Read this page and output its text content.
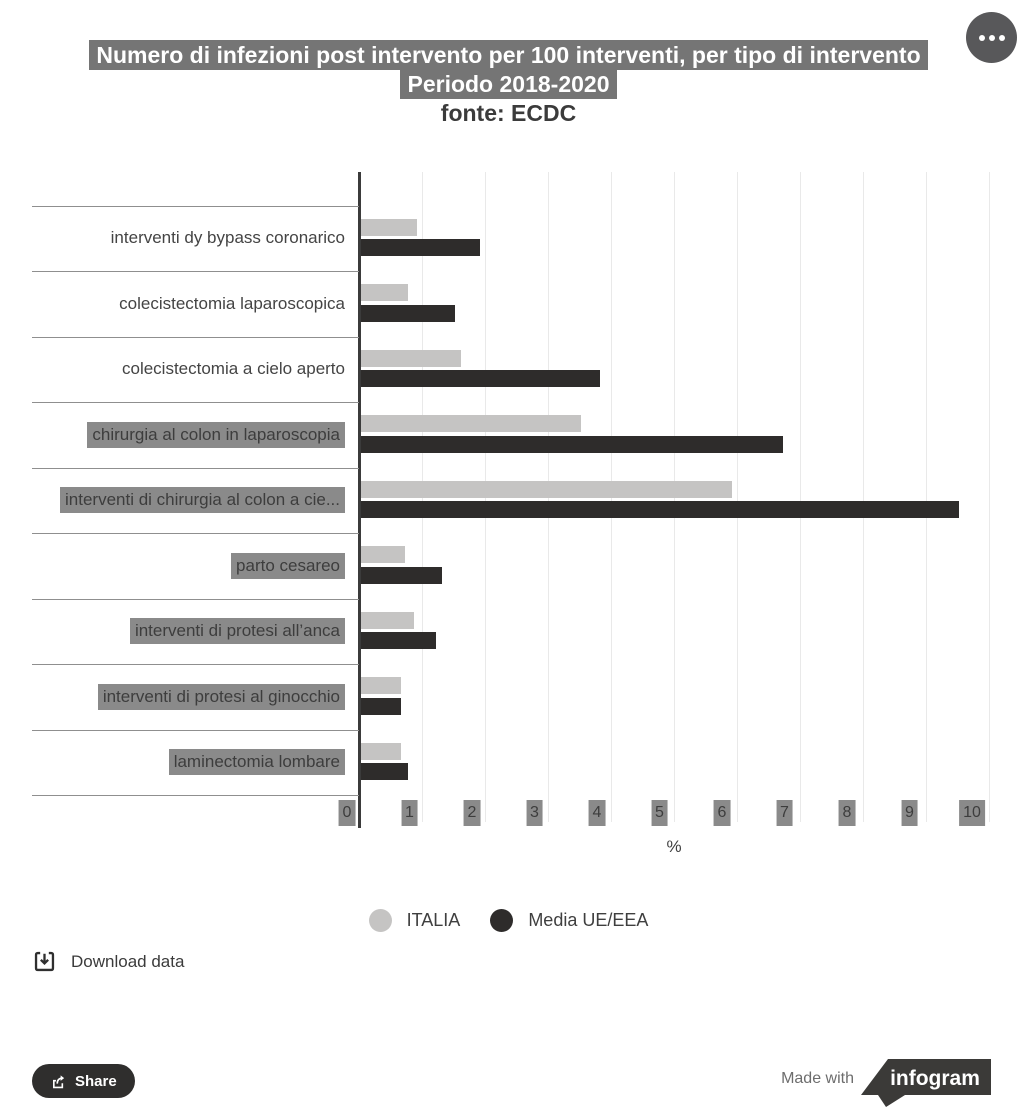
Numero di infezioni post intervento per 100 interventi, per tipo di intervento
Periodo 2018-2020
fonte: ECDC
interventi dy bypass coronarico
colecistectomia laparoscopica
colecistectomia a cielo aperto
chirurgia al colon in laparoscopia
interventi di chirurgia al colon a cie...
parto cesareo
interventi di protesi all’anca
interventi di protesi al ginocchio
laminectomia lombare
0	1	2	3	4	5	6	7	8	9	10
%
ITALIA	Media UE/EEA
Download data
Share	Made with infogram
